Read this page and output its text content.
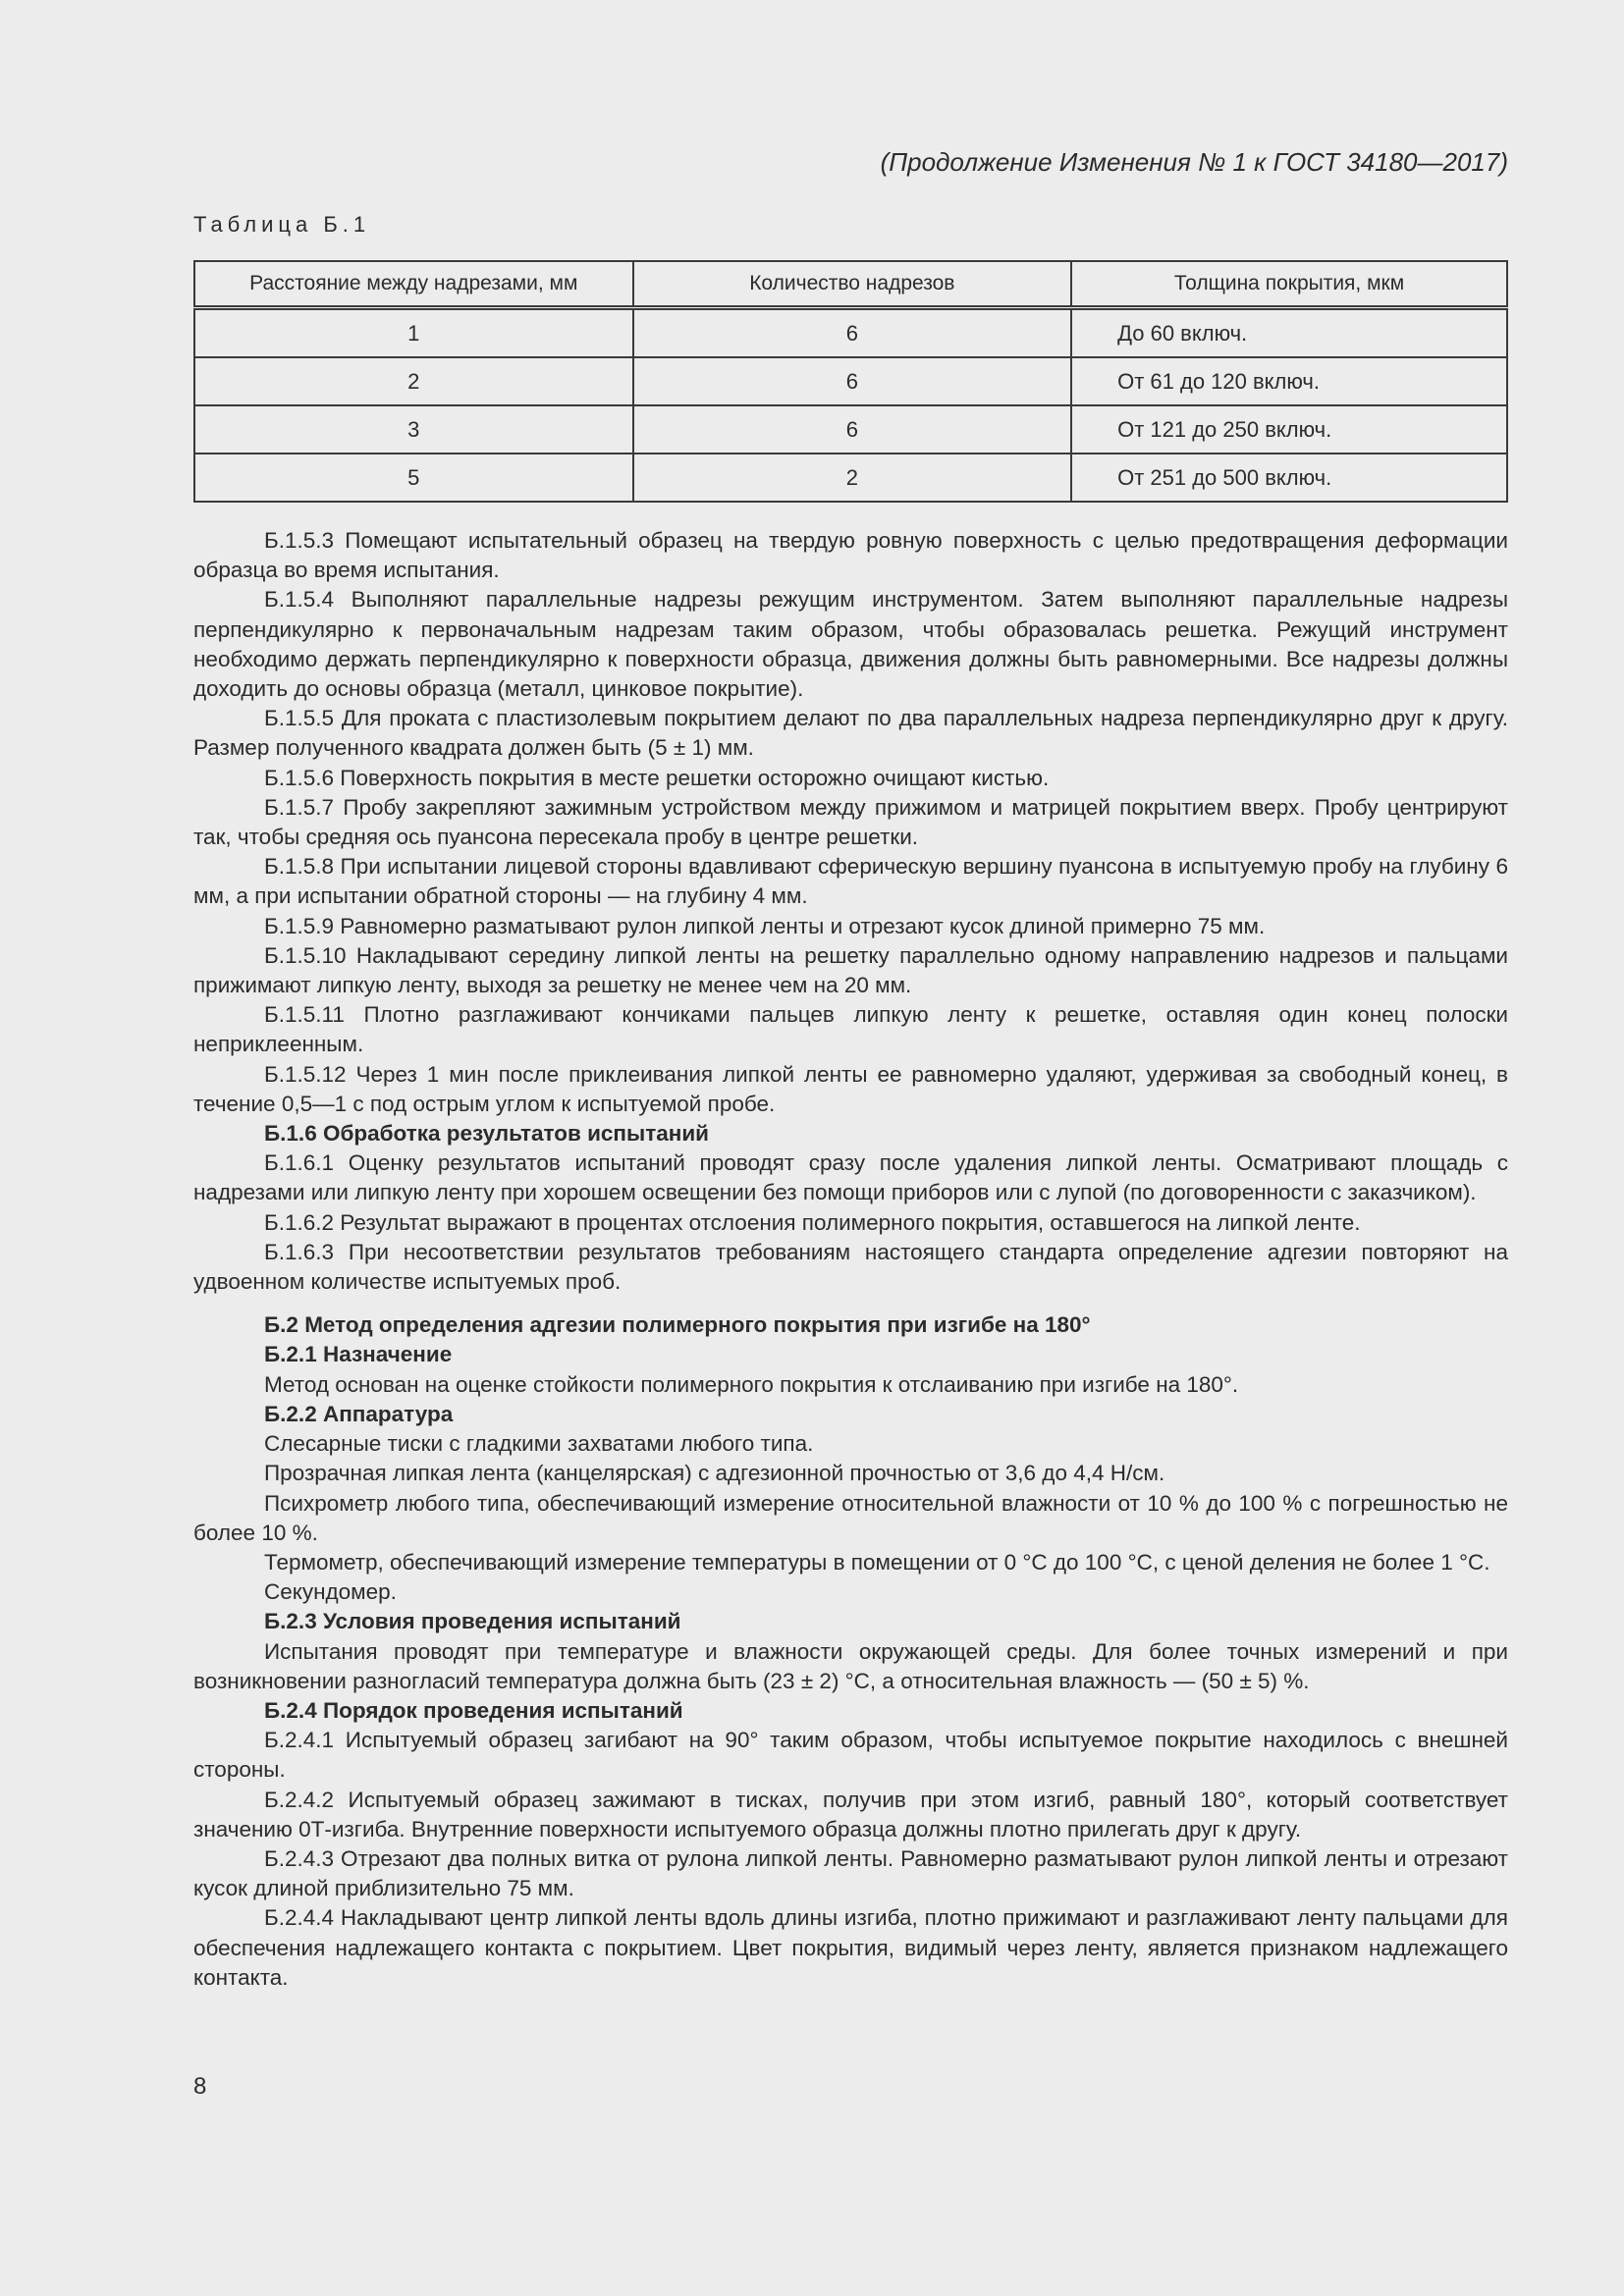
(Продолжение Изменения № 1 к ГОСТ 34180—2017)
Таблица Б.1
Расстояние между надрезами, мм	Количество надрезов	Толщина покрытия, мкм
1	6	До 60 включ.
2	6	От 61 до 120 включ.
3	6	От 121 до 250 включ.
5	2	От 251 до 500 включ.

Б.1.5.3 Помещают испытательный образец на твердую ровную поверхность с целью предотвращения деформации образца во время испытания.

Б.1.5.4 Выполняют параллельные надрезы режущим инструментом. Затем выполняют параллельные надрезы перпендикулярно к первоначальным надрезам таким образом, чтобы образовалась решетка. Режущий инструмент необходимо держать перпендикулярно к поверхности образца, движения должны быть равномерными. Все надрезы должны доходить до основы образца (металл, цинковое покрытие).

Б.1.5.5 Для проката с пластизолевым покрытием делают по два параллельных надреза перпендикулярно друг к другу. Размер полученного квадрата должен быть (5 ± 1) мм.

Б.1.5.6 Поверхность покрытия в месте решетки осторожно очищают кистью.

Б.1.5.7 Пробу закрепляют зажимным устройством между прижимом и матрицей покрытием вверх. Пробу центрируют так, чтобы средняя ось пуансона пересекала пробу в центре решетки.

Б.1.5.8 При испытании лицевой стороны вдавливают сферическую вершину пуансона в испытуемую пробу на глубину 6 мм, а при испытании обратной стороны — на глубину 4 мм.

Б.1.5.9 Равномерно разматывают рулон липкой ленты и отрезают кусок длиной примерно 75 мм.

Б.1.5.10 Накладывают середину липкой ленты на решетку параллельно одному направлению надрезов и пальцами прижимают липкую ленту, выходя за решетку не менее чем на 20 мм.

Б.1.5.11 Плотно разглаживают кончиками пальцев липкую ленту к решетке, оставляя один конец полоски неприклеенным.

Б.1.5.12 Через 1 мин после приклеивания липкой ленты ее равномерно удаляют, удерживая за свободный конец, в течение 0,5—1 с под острым углом к испытуемой пробе.

Б.1.6 Обработка результатов испытаний

Б.1.6.1 Оценку результатов испытаний проводят сразу после удаления липкой ленты. Осматривают площадь с надрезами или липкую ленту при хорошем освещении без помощи приборов или с лупой (по договоренности с заказчиком).

Б.1.6.2 Результат выражают в процентах отслоения полимерного покрытия, оставшегося на липкой ленте.

Б.1.6.3 При несоответствии результатов требованиям настоящего стандарта определение адгезии повторяют на удвоенном количестве испытуемых проб.

Б.2 Метод определения адгезии полимерного покрытия при изгибе на 180°

Б.2.1 Назначение

Метод основан на оценке стойкости полимерного покрытия к отслаиванию при изгибе на 180°.

Б.2.2 Аппаратура

Слесарные тиски с гладкими захватами любого типа.

Прозрачная липкая лента (канцелярская) с адгезионной прочностью от 3,6 до 4,4 Н/см.

Психрометр любого типа, обеспечивающий измерение относительной влажности от 10 % до 100 % с погрешностью не более 10 %.

Термометр, обеспечивающий измерение температуры в помещении от 0 °С до 100 °С, с ценой деления не более 1 °С.

Секундомер.

Б.2.3 Условия проведения испытаний

Испытания проводят при температуре и влажности окружающей среды. Для более точных измерений и при возникновении разногласий температура должна быть (23 ± 2) °С, а относительная влажность — (50 ± 5) %.

Б.2.4 Порядок проведения испытаний

Б.2.4.1 Испытуемый образец загибают на 90° таким образом, чтобы испытуемое покрытие находилось с внешней стороны.

Б.2.4.2 Испытуемый образец зажимают в тисках, получив при этом изгиб, равный 180°, который соответствует значению 0Т-изгиба. Внутренние поверхности испытуемого образца должны плотно прилегать друг к другу.

Б.2.4.3 Отрезают два полных витка от рулона липкой ленты. Равномерно разматывают рулон липкой ленты и отрезают кусок длиной приблизительно 75 мм.

Б.2.4.4 Накладывают центр липкой ленты вдоль длины изгиба, плотно прижимают и разглаживают ленту пальцами для обеспечения надлежащего контакта с покрытием. Цвет покрытия, видимый через ленту, является признаком надлежащего контакта.

8
